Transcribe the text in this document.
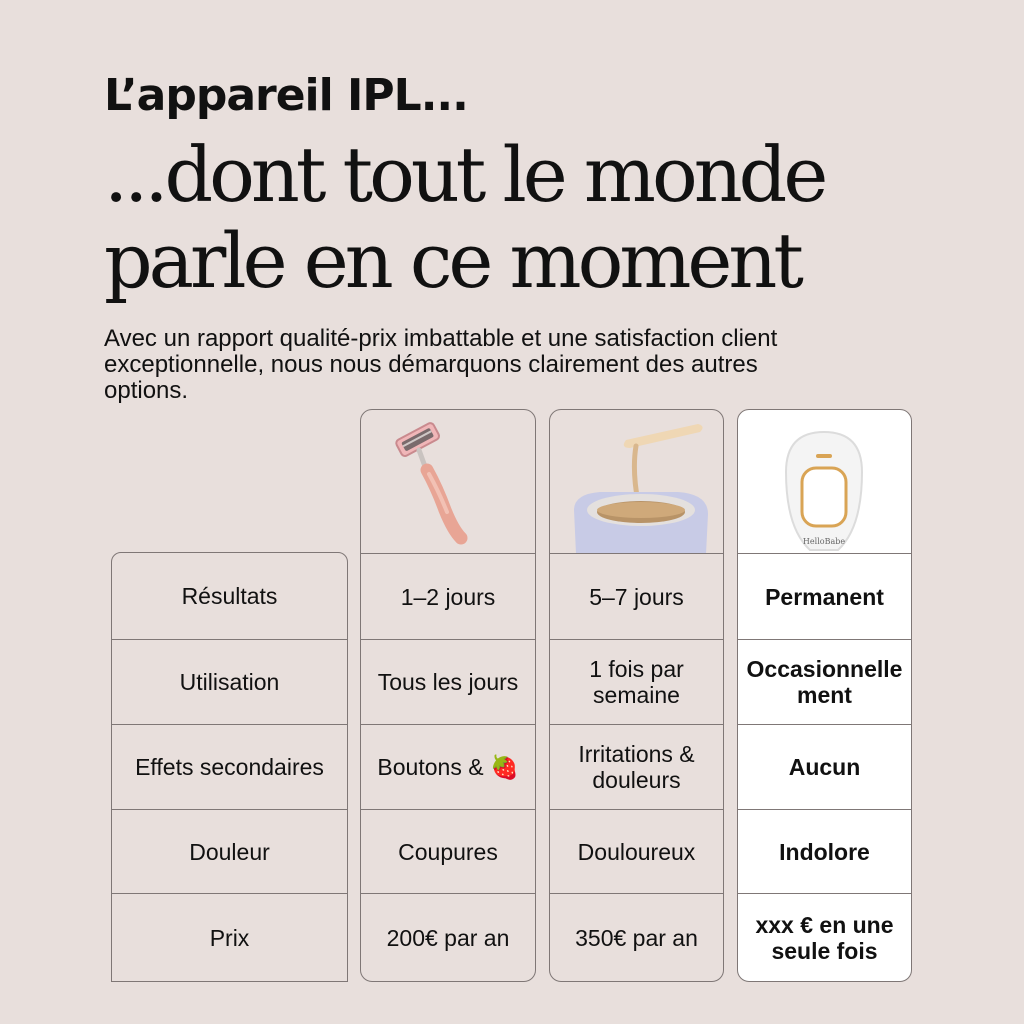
L’appareil IPL...
...dont tout le monde parle en ce moment

Avec un rapport qualité-prix imbattable et une satisfaction client exceptionnelle, nous nous démarquons clairement des autres options.

Résultats
Utilisation
Effets secondaires
Douleur
Prix
1–2 jours
Tous les jours
Boutons & 🍓
Coupures
200€ par an
5–7 jours
1 fois par semaine
Irritations & douleurs
Douloureux
350€ par an
HelloBabe
Permanent
Occasionnellement
Aucun
Indolore
xxx € en une seule fois
